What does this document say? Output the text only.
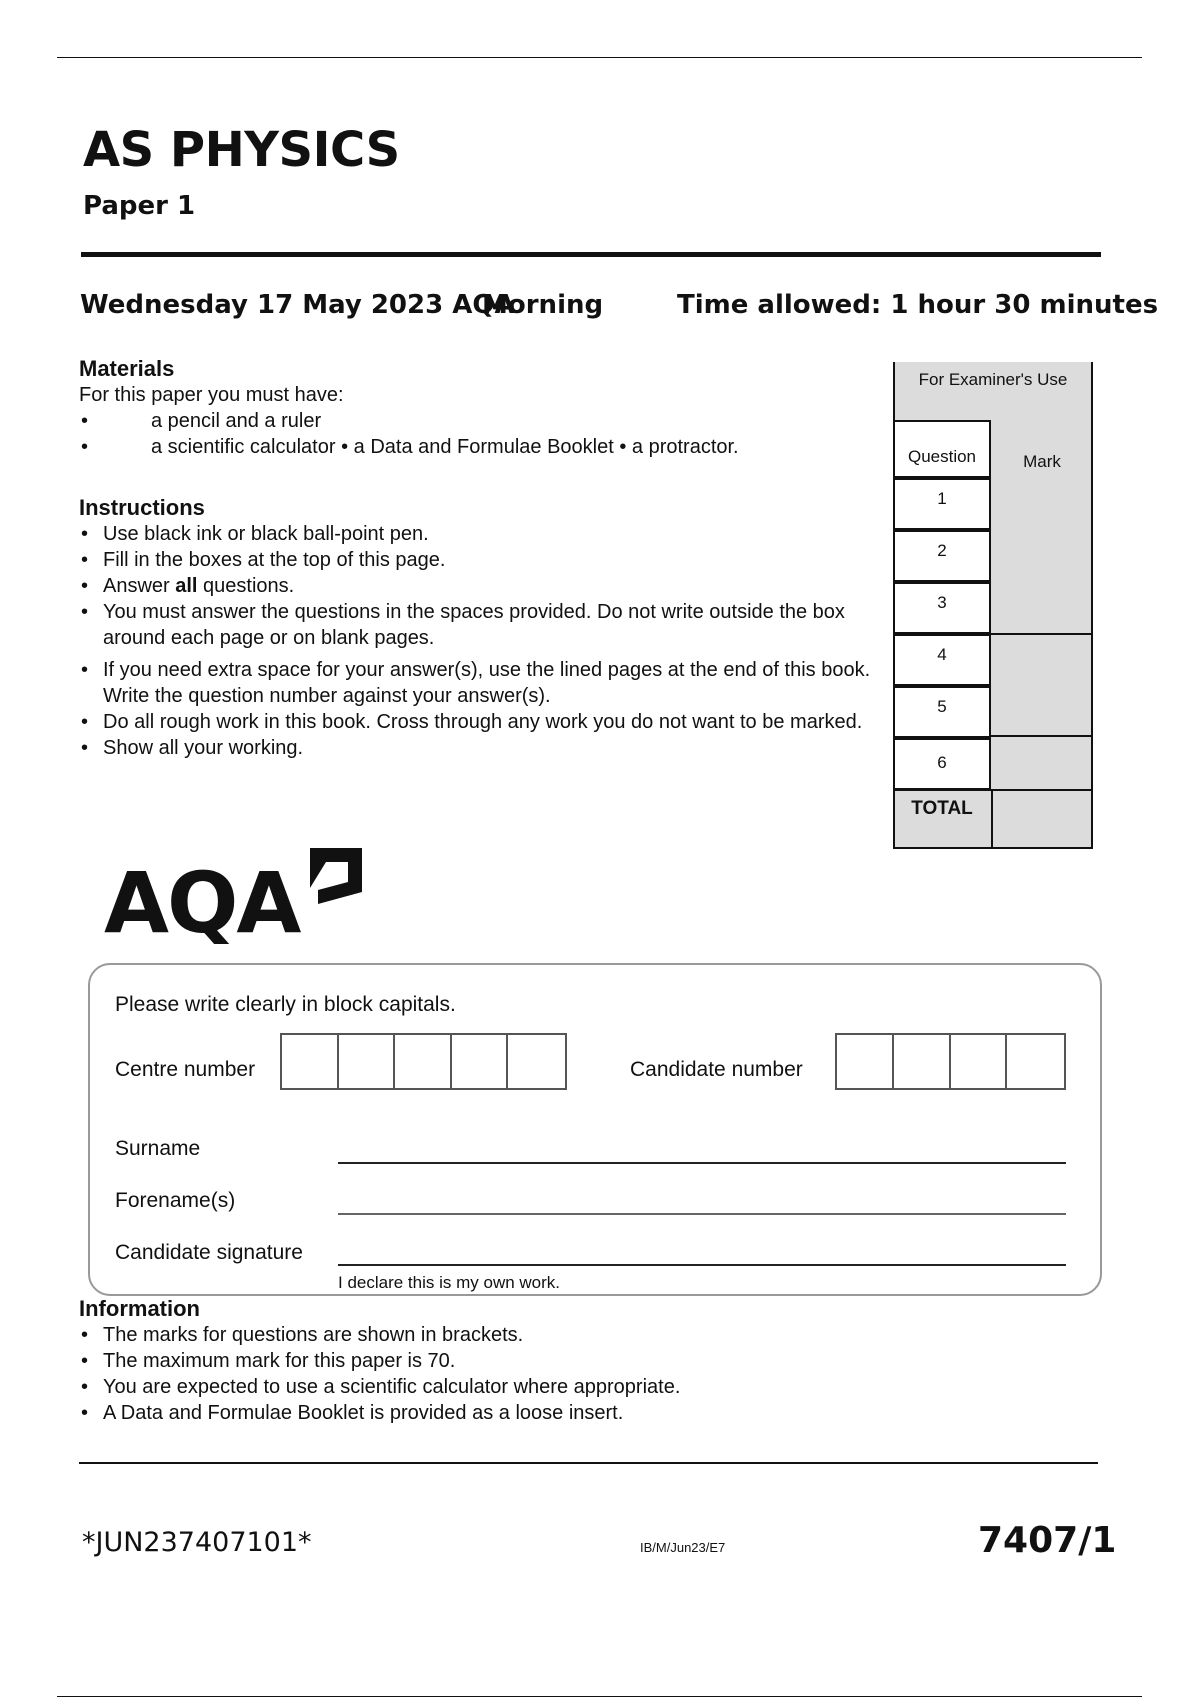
AS PHYSICS
Paper 1
Wednesday 17 May 2023 AQA
Morning	Time allowed: 1 hour 30 minutes
Materials
For this paper you must have:
• a pencil and a ruler
• a scientific calculator • a Data and Formulae Booklet • a protractor.
Instructions
• Use black ink or black ball-point pen.
• Fill in the boxes at the top of this page.
• Answer all questions.
• You must answer the questions in the spaces provided. Do not write outside the box around each page or on blank pages.
• If you need extra space for your answer(s), use the lined pages at the end of this book. Write the question number against your answer(s).
• Do all rough work in this book. Cross through any work you do not want to be marked.
• Show all your working.
For Examiner's Use
Question	Mark
1
2
3
4
5
6
TOTAL
AQA
Please write clearly in block capitals.
Centre number	Candidate number
Surname
Forename(s)
Candidate signature
I declare this is my own work.
Information
• The marks for questions are shown in brackets.
• The maximum mark for this paper is 70.
• You are expected to use a scientific calculator where appropriate.
• A Data and Formulae Booklet is provided as a loose insert.
*JUN237407101*	IB/M/Jun23/E7	7407/1
